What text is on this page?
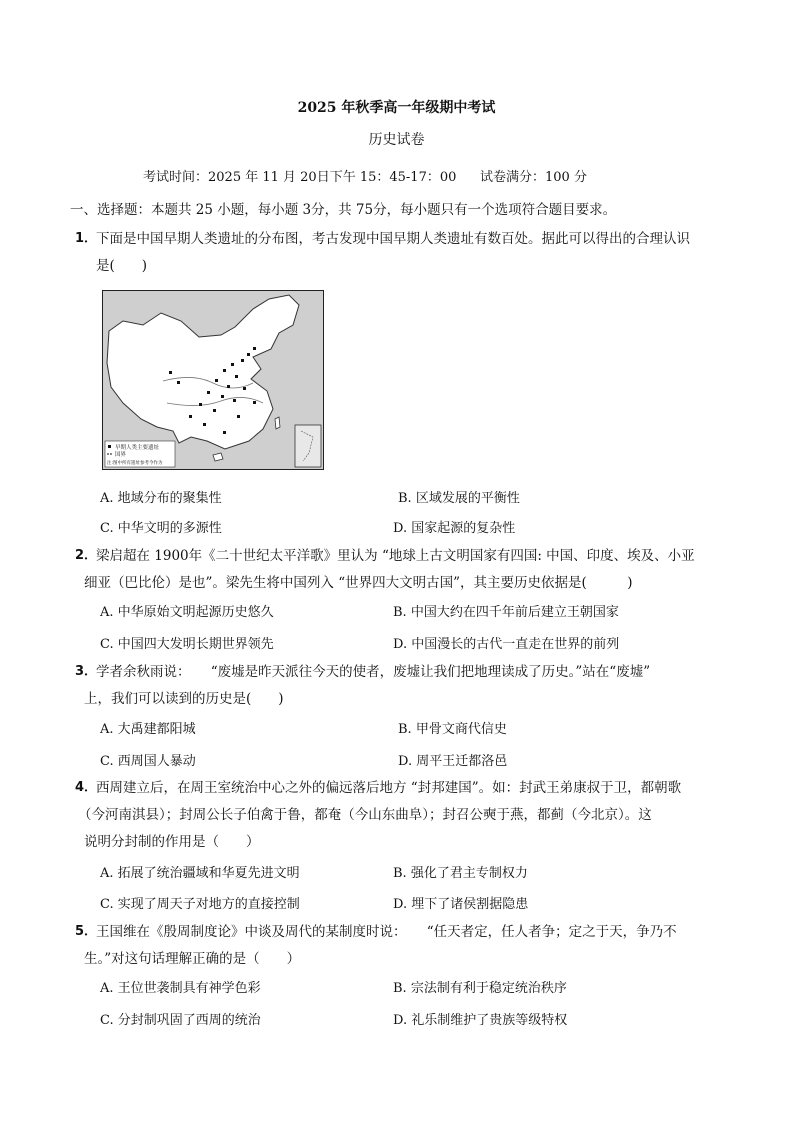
2025 年秋季高一年级期中考试
历史试卷
考试时间：2025 年 11 月 20日下午 15：45-17：00 试卷满分：100 分
一、选择题：本题共 25 小题，每小题 3分，共 75分，每小题只有一个选项符合题目要求。
1．
下面是中国早期人类遗址的分布图，考古发现中国早期人类遗址有数百处。据此可以得出的合理认识
是(　　)
早期人类主要遗址
国界
注:图中所有遗址参考今作为
A. 地域分布的聚集性	B. 区域发展的平衡性
C. 中华文明的多源性	D. 国家起源的复杂性
2．
梁启超在 1900年《二十世纪太平洋歌》里认为 “地球上古文明国家有四国: 中国、印度、埃及、小亚
细亚（巴比伦）是也”。梁先生将中国列入 “世界四大文明古国”，其主要历史依据是(　　　)
A. 中华原始文明起源历史悠久	B. 中国大约在四千年前后建立王朝国家
C. 中国四大发明长期世界领先	D. 中国漫长的古代一直走在世界的前列
3．
学者余秋雨说：　　“废墟是昨天派往今天的使者，废墟让我们把地理读成了历史。”站在“废墟”
上，我们可以读到的历史是(　　)
A. 大禹建都阳城	B. 甲骨文商代信史
C. 西周国人暴动	D. 周平王迁都洛邑
4．
西周建立后，在周王室统治中心之外的偏远落后地方 “封邦建国”。如：封武王弟康叔于卫，都朝歌
（今河南淇县）；封周公长子伯禽于鲁，都奄（今山东曲阜）；封召公奭于燕，都蓟（今北京）。这
说明分封制的作用是（　　）
A. 拓展了统治疆域和华夏先进文明	B. 强化了君主专制权力
C. 实现了周天子对地方的直接控制	D. 埋下了诸侯割据隐患
5．
王国维在《殷周制度论》中谈及周代的某制度时说：　　“任天者定，任人者争；定之于天，争乃不
生。”对这句话理解正确的是（　　）
A. 王位世袭制具有神学色彩	B. 宗法制有利于稳定统治秩序
C. 分封制巩固了西周的统治	D. 礼乐制维护了贵族等级特权
